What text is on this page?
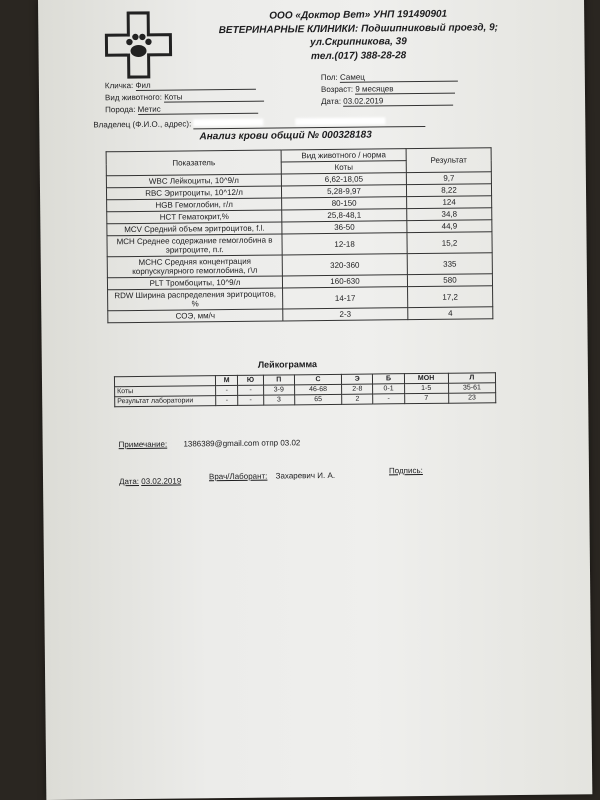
ООО «Доктор Вет» УНП 191490901
ВЕТЕРИНАРНЫЕ КЛИНИКИ: Подшипниковый проезд, 9;
ул.Скрипникова, 39
тел.(017) 388-28-28
Кличка: Фил
Вид животного: Коты
Порода: Метис
Пол: Самец
Возраст: 9 месяцев
Дата: 03.02.2019
Владелец (Ф.И.О., адрес):
Анализ крови общий № 000328183
Показатель	Вид животного / норма	Результат
	Коты	
WBC Лейкоциты, 10^9/л	6,62-18,05	9,7
RBC Эритроциты, 10^12/л	5,28-9,97	8,22
HGB Гемоглобин, г/л	80-150	124
HCT Гематокрит,%	25,8-48,1	34,8
MCV Средний объем эритроцитов, f.l.	36-50	44,9
MCH Среднее содержание гемоглобина в эритроците, п.г.	12-18	15,2
MCHC Средняя концентрация корпускулярного гемоглобина, г\л	320-360	335
PLT Тромбоциты, 10^9/л	160-630	580
RDW Ширина распределения эритроцитов, %	14-17	17,2
СОЭ, мм/ч	2-3	4
Лейкограмма
	М	Ю	П	С	Э	Б	МОН	Л
Коты	-	-	3-9	46-68	2-8	0-1	1-5	35-61
Результат лаборатории	-	-	3	65	2	-	7	23
Примечание: 1386389@gmail.com отпр 03.02
Дата: 03.02.2019
Врач/Лаборант: Захаревич И. А.
Подпись:
